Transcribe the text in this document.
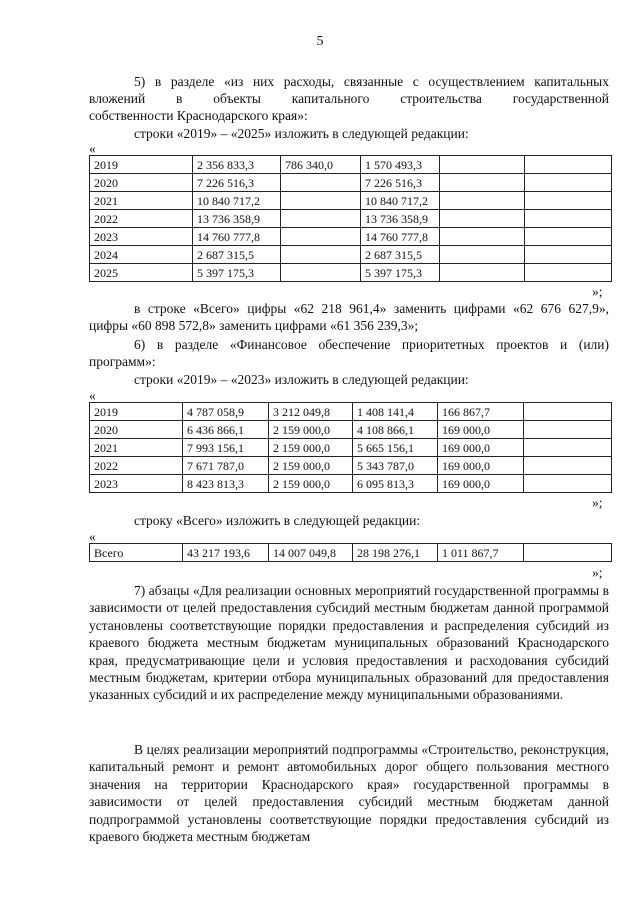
5

5) в разделе «из них расходы, связанные с осуществлением капитальных

вложений в объекты капитального строительства государственной

собственности Краснодарского края»:

строки «2019» – «2025» изложить в следующей редакции:
«
2019	2 356 833,3	786 340,0	1 570 493,3		
2020	7 226 516,3		7 226 516,3		
2021	10 840 717,2		10 840 717,2		
2022	13 736 358,9		13 736 358,9		
2023	14 760 777,8		14 760 777,8		
2024	2 687 315,5		2 687 315,5		
2025	5 397 175,3		5 397 175,3		
»;

в строке «Всего» цифры «62 218 961,4» заменить цифрами «62 676 627,9»,

цифры «60 898 572,8» заменить цифрами «61 356 239,3»;

6) в разделе «Финансовое обеспечение приоритетных проектов и (или)

программ»:

строки «2019» – «2023» изложить в следующей редакции:
«
2019	4 787 058,9	3 212 049,8	1 408 141,4	166 867,7	
2020	6 436 866,1	2 159 000,0	4 108 866,1	169 000,0	
2021	7 993 156,1	2 159 000,0	5 665 156,1	169 000,0	
2022	7 671 787,0	2 159 000,0	5 343 787,0	169 000,0	
2023	8 423 813,3	2 159 000,0	6 095 813,3	169 000,0	
»;
строку «Всего» изложить в следующей редакции:
«
Всего	43 217 193,6	14 007 049,8	28 198 276,1	1 011 867,7	
»;

7) абзацы «Для реализации основных мероприятий государственной программы в зависимости от целей предоставления субсидий местным бюджетам данной программой установлены соответствующие порядки предоставления и распределения субсидий из краевого бюджета местным бюджетам муниципальных образований Краснодарского края, предусматривающие цели и условия предоставления и расходования субсидий местным бюджетам, критерии отбора муниципальных образований для предоставления указанных субсидий и их распределение между муниципальными образованиями.

В целях реализации мероприятий подпрограммы «Строительство, реконструкция, капитальный ремонт и ремонт автомобильных дорог общего пользования местного значения на территории Краснодарского края» государственной программы в зависимости от целей предоставления субсидий местным бюджетам данной подпрограммой установлены соответствующие порядки предоставления субсидий из краевого бюджета местным бюджетам
